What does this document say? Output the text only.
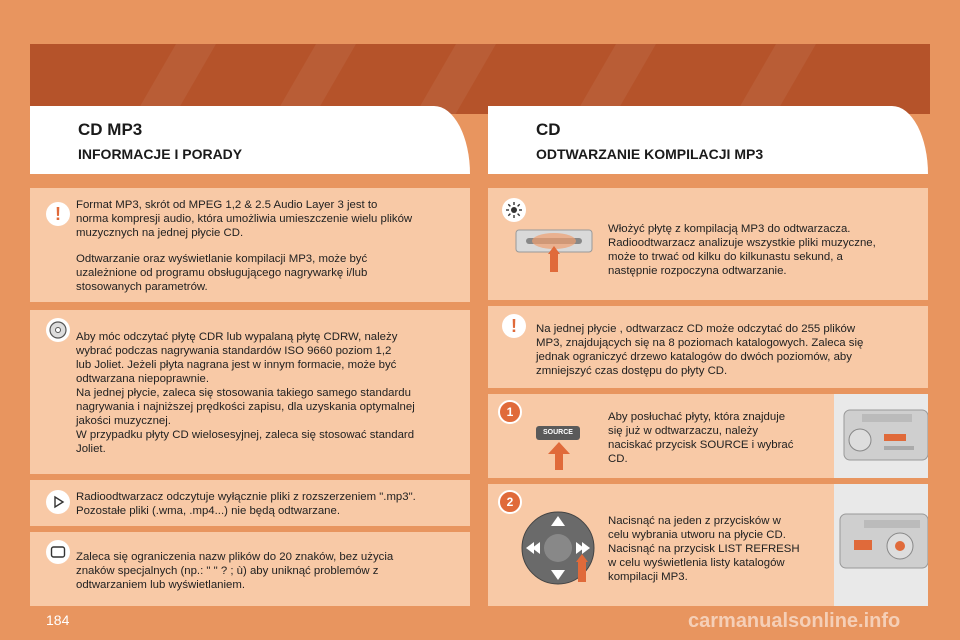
CD MP3
INFORMACJE I PORADY
CD
ODTWARZANIE KOMPILACJI MP3
!	Format MP3, skrót od MPEG 1,2 & 2.5 Audio Layer 3 jest to
norma kompresji audio, która umożliwia umieszczenie wielu plików
muzycznych na jednej płycie CD.
Odtwarzanie oraz wyświetlanie kompilacji MP3, może być
uzależnione od programu obsługującego nagrywarkę i/lub
stosowanych parametrów.
Aby móc odczytać płytę CDR lub wypalaną płytę CDRW, należy
wybrać podczas nagrywania standardów ISO 9660 poziom 1,2
lub Joliet. Jeżeli płyta nagrana jest w innym formacie, może być
odtwarzana niepoprawnie.
Na jednej płycie, zaleca się stosowania takiego samego standardu
nagrywania i najniższej prędkości zapisu, dla uzyskania optymalnej
jakości muzycznej.
W przypadku płyty CD wielosesyjnej, zaleca się stosować standard
Joliet.
Radioodtwarzacz odczytuje wyłącznie pliki z rozszerzeniem ".mp3".
Pozostałe pliki (.wma, .mp4...) nie będą odtwarzane.
Zaleca się ograniczenia nazw plików do 20 znaków, bez użycia
znaków specjalnych (np.: " " ? ; ù) aby uniknąć problemów z
odtwarzaniem lub wyświetlaniem.
Włożyć płytę z kompilacją MP3 do odtwarzacza.
Radioodtwarzacz analizuje wszystkie pliki muzyczne,
może to trwać od kilku do kilkunastu sekund, a
następnie rozpoczyna odtwarzanie.
!	Na jednej płycie , odtwarzacz CD może odczytać do 255 plików
MP3, znajdujących się na 8 poziomach katalogowych. Zaleca się
jednak ograniczyć drzewo katalogów do dwóch poziomów, aby
zmniejszyć czas dostępu do płyty CD.
1
SOURCE
Aby posłuchać płyty, która znajduje
się już w odtwarzaczu, należy
naciskać przycisk SOURCE i wybrać
CD.
2
Nacisnąć na jeden z przycisków w
celu wybrania utworu na płycie CD.
Nacisnąć na przycisk LIST REFRESH
w celu wyświetlenia listy katalogów
kompilacji MP3.
184	carmanualsonline.info
